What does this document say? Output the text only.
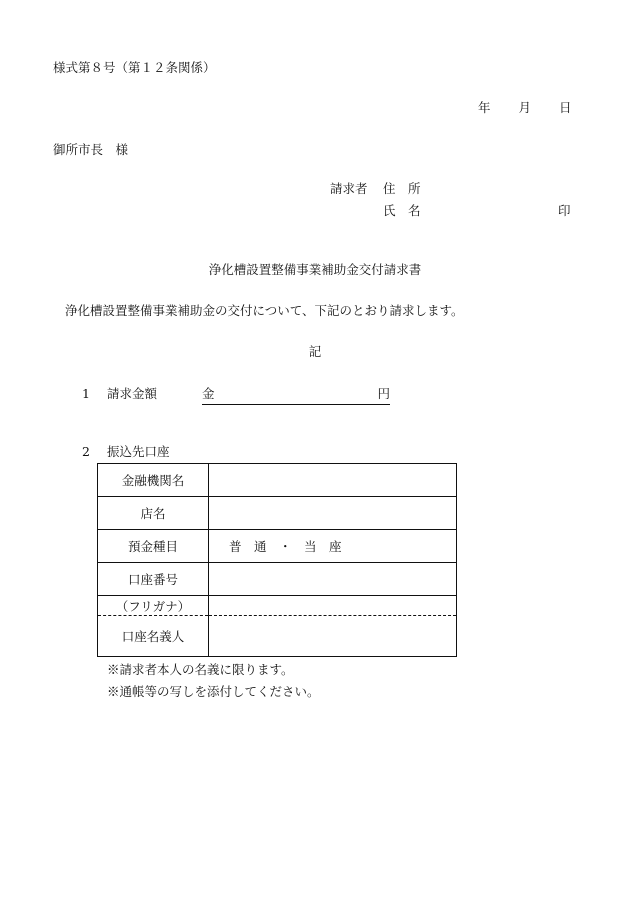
様式第８号（第１２条関係）
年 月 日
御所市長　様
請求者 住　所
氏　名	印
浄化槽設置整備事業補助金交付請求書
浄化槽設置整備事業補助金の交付について、下記のとおり請求します。
記
1 請求金額	金	円

2 振込先口座
金融機関名	
店名	
預金種目	普　通　・　当　座
口座番号	
（フリガナ）	
口座名義人	
※請求者本人の名義に限ります。
※通帳等の写しを添付してください。
